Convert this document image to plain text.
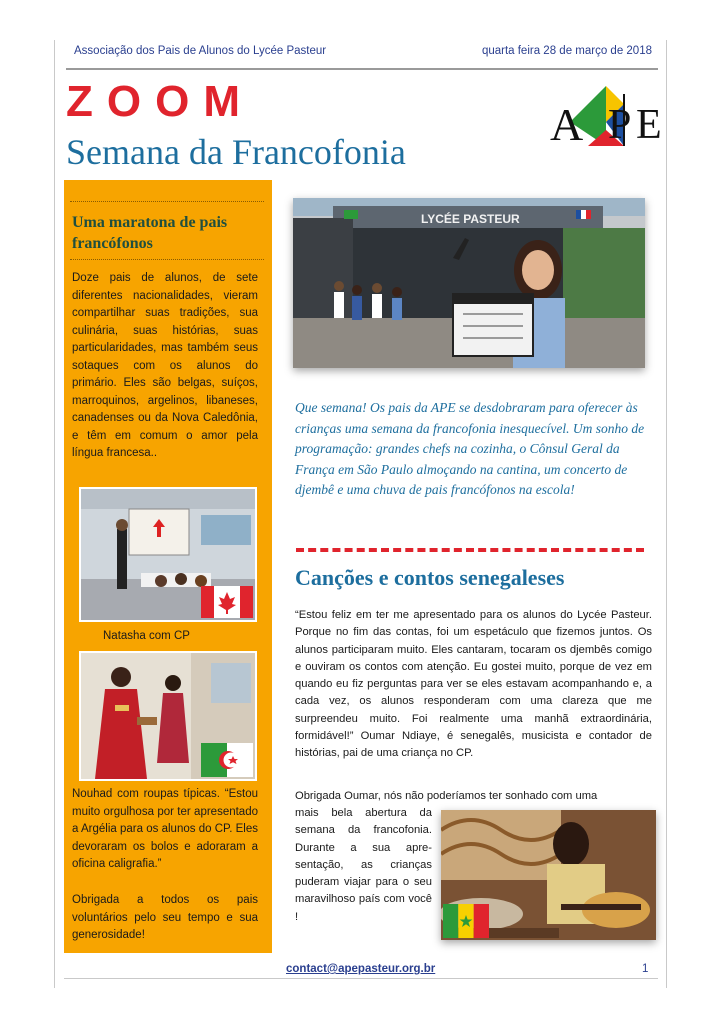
Associação dos Pais de Alunos do Lycée Pasteur	quarta feira 28 de março de 2018
ZOOM
Semana da Francofonia
A P E
Uma maratona de pais francófonos
Doze pais de alunos, de sete diferentes nacionalidades, vieram compartilhar suas tradições, sua culinária, suas histórias, suas particularidades, mas também seus sotaques com os alunos do primário. Eles são belgas, suíços, marroquinos, argelinos, libaneses, canadenses ou da Nova Caledônia, e têm em comum o amor pela língua francesa..
Natasha com CP
Nouhad com roupas típicas. “Estou muito orgulhosa por ter apresentado a Argélia para os alunos do CP. Eles devoraram os bolos e adoraram a oficina caligrafia.”
Obrigada a todos os pais voluntários pelo seu tempo e sua generosidade!
LYCÉE PASTEUR
Que semana! Os pais da APE se desdobraram para oferecer às crianças uma semana da francofonia inesquecível. Um sonho de programação: grandes chefs na cozinha, o Cônsul Geral da França em São Paulo almoçando na cantina, um concerto de djembê e uma chuva de pais francófonos na escola!
Canções e contos senegaleses
“Estou feliz em ter me apresentado para os alunos do Lycée Pasteur. Porque no fim das contas, foi um espetáculo que fizemos juntos. Os alunos participaram muito. Eles cantaram, tocaram os djembês comigo e ouviram os contos com atenção. Eu gostei muito, porque de vez em quando eu fiz perguntas para ver se eles estavam acompanhando e, a cada vez, os alunos responderam com uma clareza que me surpreendeu muito. Foi realmente uma manhã extraordinária, formidável!” Oumar Ndiaye, é senegalês, musicista e contador de histórias, pai de uma criança no CP.
Obrigada Oumar, nós não poderíamos ter sonhado com uma
mais bela abertura da semana da francofonia. Durante a sua apre-sentação, as crianças puderam viajar para o seu maravilhoso país com você !
contact@apepasteur.org.br	1
